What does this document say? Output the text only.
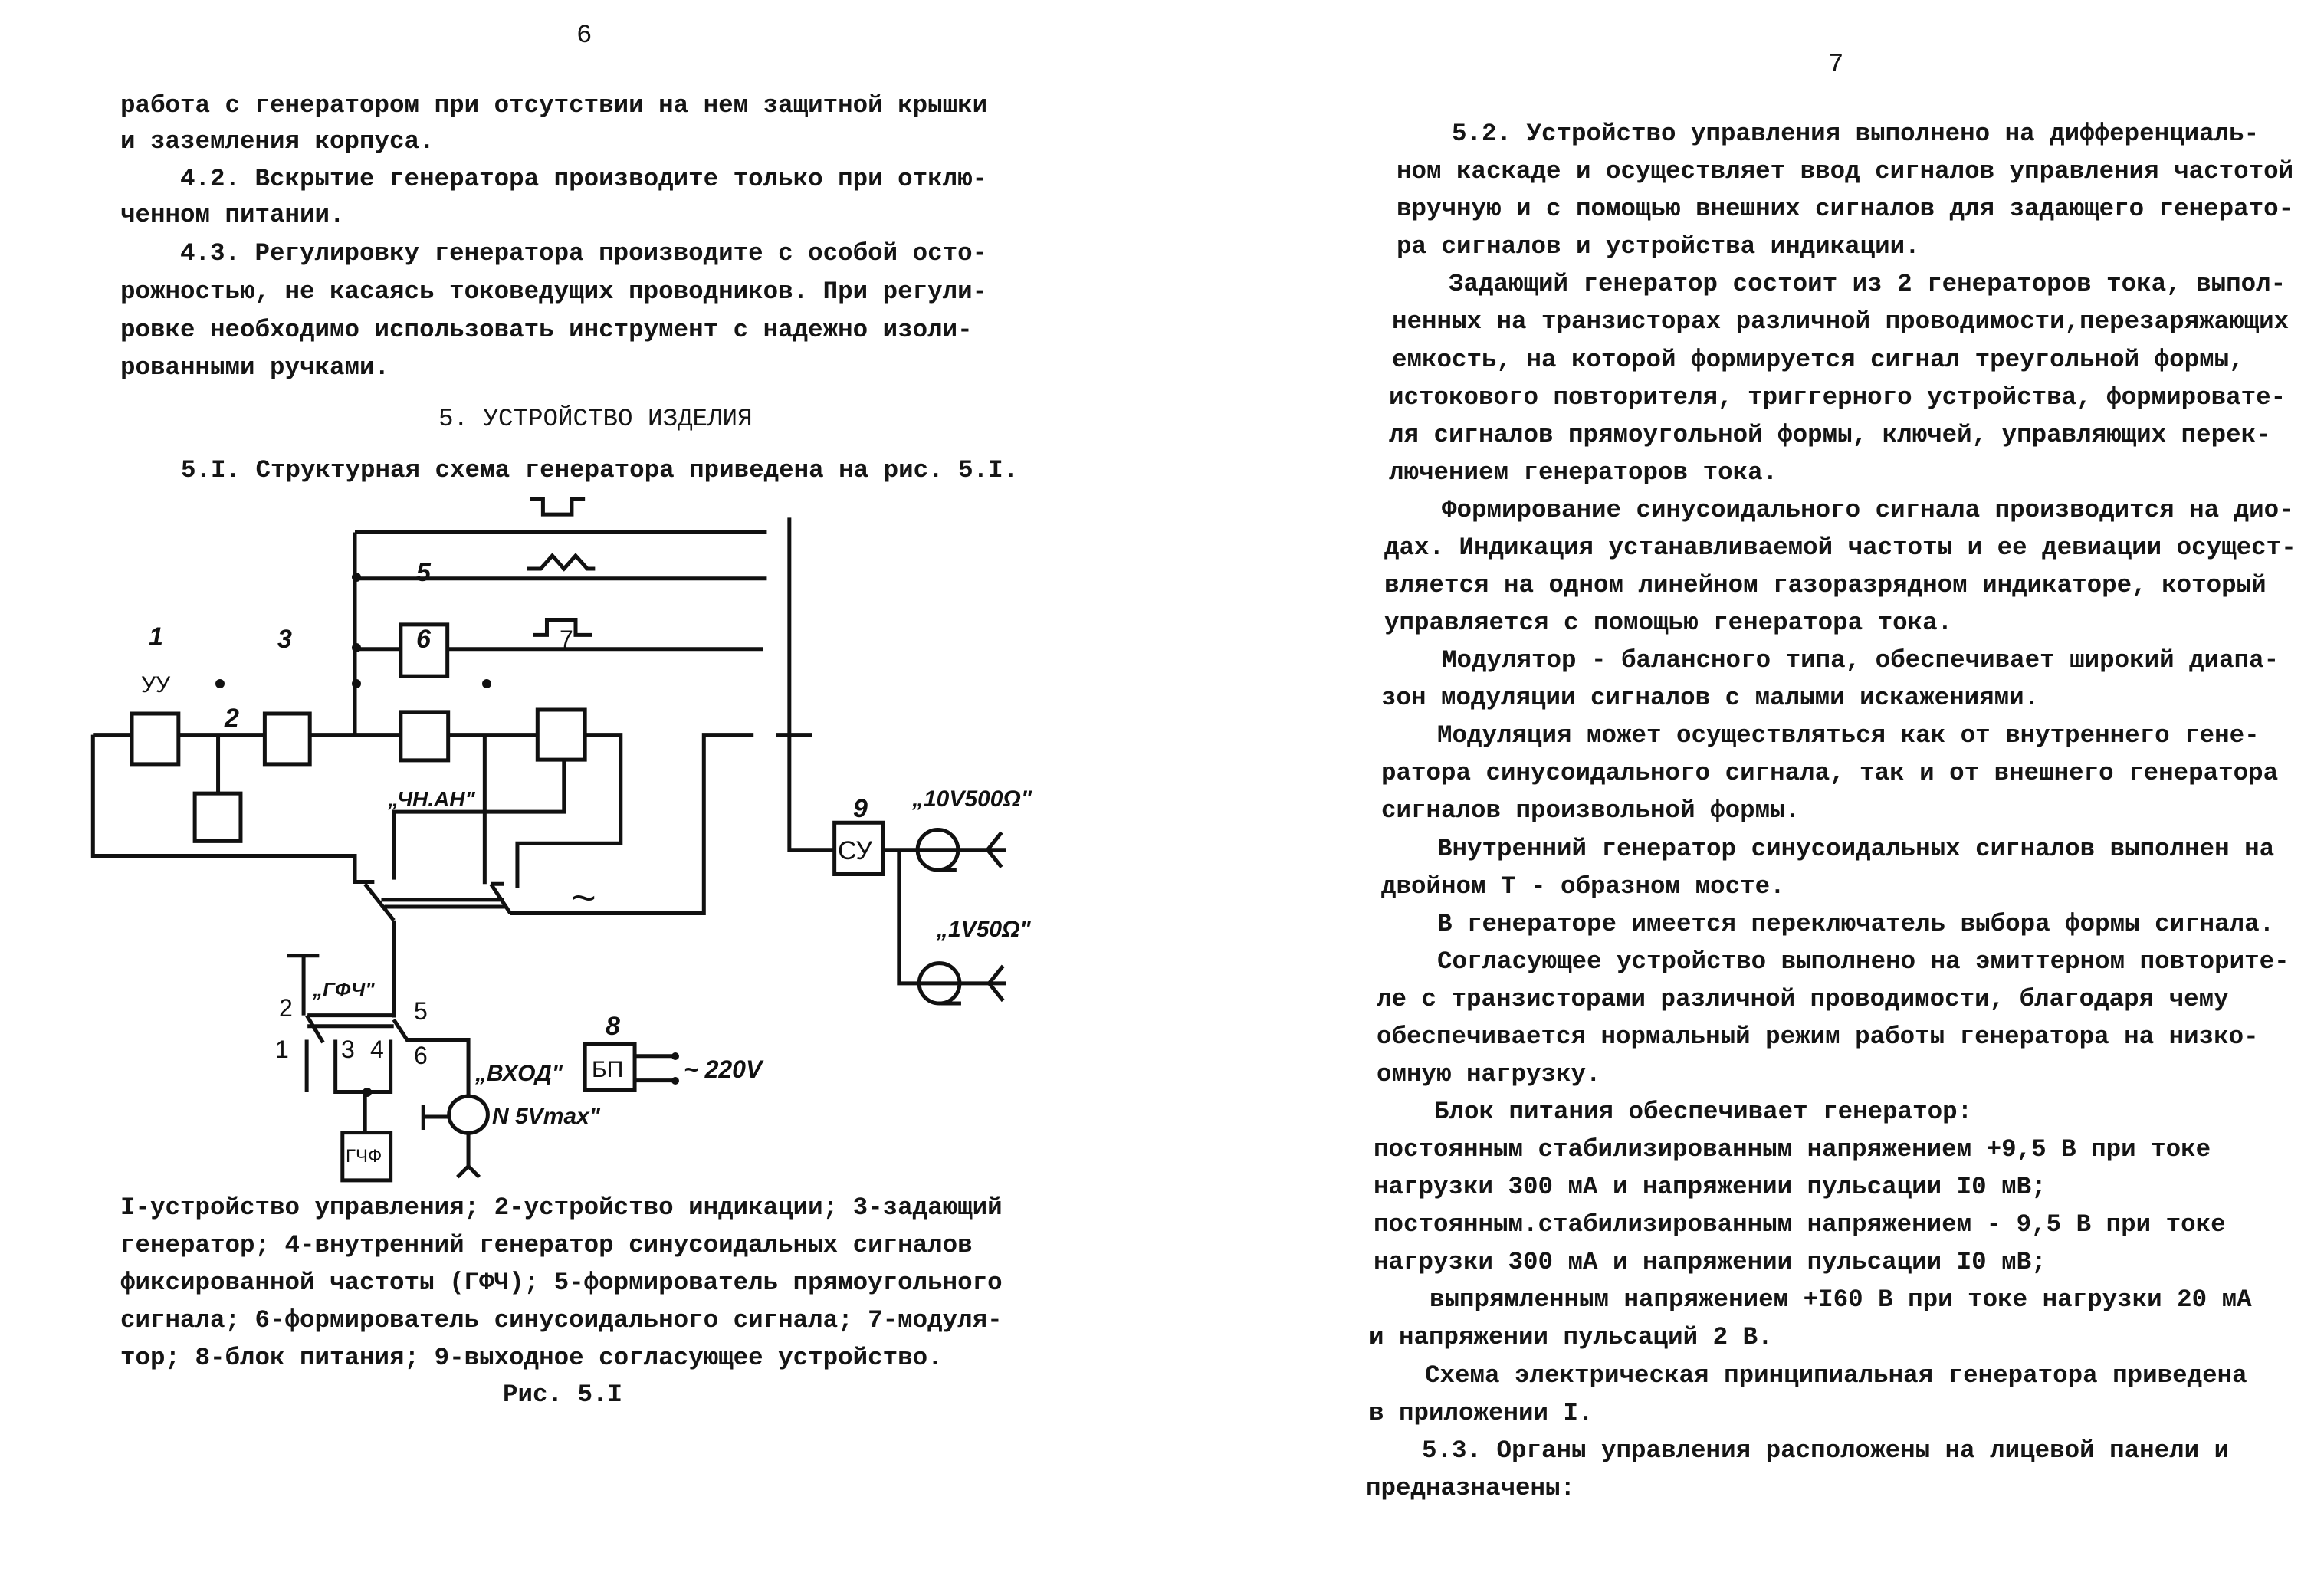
6
7
работа с генератором при отсутствии на нем защитной крышки
и заземления корпуса.
4.2. Вскрытие генератора производите только при отклю-
ченном питании.
4.3. Регулировку генератора производите с особой осто-
рожностью, не касаясь токоведущих проводников. При регули-
ровке необходимо использовать инструмент с надежно изоли-
рованными ручками.
5. УСТРОЙСТВО ИЗДЕЛИЯ
5.I. Структурная схема генератора приведена на рис. 5.I.
I-устройство управления; 2-устройство индикации; 3-задающий
генератор; 4-внутренний генератор синусоидальных сигналов
фиксированной частоты (ГФЧ); 5-формирователь прямоугольного
сигнала; 6-формирователь синусоидального сигнала; 7-модуля-
тор; 8-блок питания; 9-выходное согласующее устройство.
Рис. 5.I
5.2. Устройство управления выполнено на дифференциаль-
ном каскаде и осуществляет ввод сигналов управления частотой
вручную и с помощью внешних сигналов для задающего генерато-
ра сигналов и устройства индикации.
Задающий генератор состоит из 2 генераторов тока, выпол-
ненных на транзисторах различной проводимости,перезаряжающих
емкость, на которой формируется сигнал треугольной формы,
истокового повторителя, триггерного устройства, формировате-
ля сигналов прямоугольной формы, ключей, управляющих перек-
лючением генераторов тока.
Формирование синусоидального сигнала производится на дио-
дах. Индикация устанавливаемой частоты и ее девиации осущест-
вляется на одном линейном газоразрядном индикаторе, который
управляется с помощью генератора тока.
Модулятор - балансного типа, обеспечивает широкий диапа-
зон модуляции сигналов с малыми искажениями.
Модуляция может осуществляться как от внутреннего гене-
ратора синусоидального сигнала, так и от внешнего генератора
сигналов произвольной формы.
Внутренний генератор синусоидальных сигналов выполнен на
двойном Т - образном мосте.
В генераторе имеется переключатель выбора формы сигнала.
Согласующее устройство выполнено на эмиттерном повторите-
ле с транзисторами различной проводимости, благодаря чему
обеспечивается нормальный режим работы генератора на низко-
омную нагрузку.
Блок питания обеспечивает генератор:
постоянным стабилизированным напряжением +9,5 В при токе
нагрузки 300 мА и напряжении пульсации I0 мВ;
постоянным.стабилизированным напряжением - 9,5 В при токе
нагрузки 300 мА и напряжении пульсации I0 мВ;
выпрямленным напряжением +I60 В при токе нагрузки 20 мА
и напряжении пульсаций 2 В.
Схема электрическая принципиальная генератора приведена
в приложении I.
5.3. Органы управления расположены на лицевой панели и
предназначены:
УУ
1
2
3
5
6	7
„ЧН.АН"
~
ГЧФ
„ГФЧ"
1
2
3 4
5
6
„ВХОД"
N 5Vmax"
БП
8
~ 220V
СУ
9 „10V500Ω"
„1V50Ω"
